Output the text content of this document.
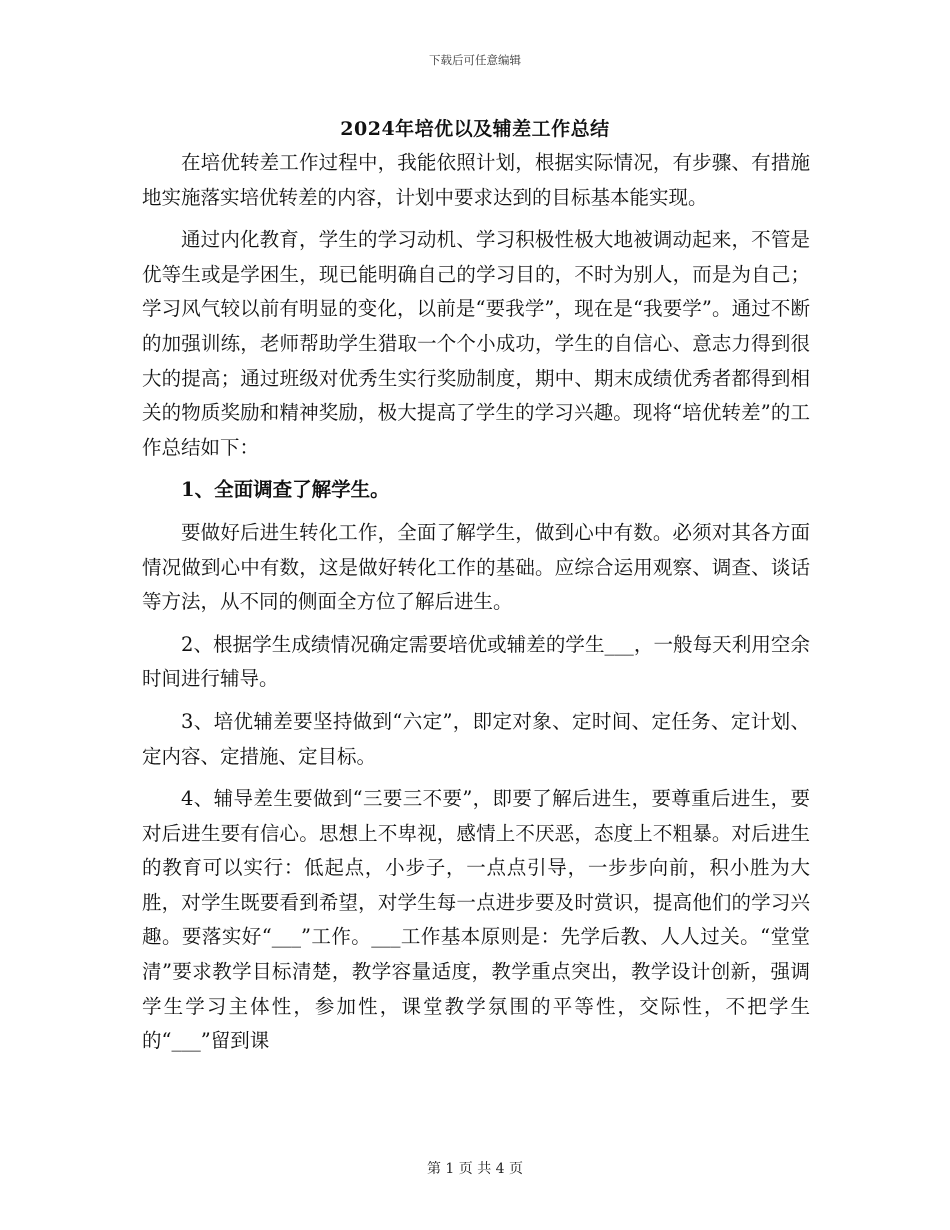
下载后可任意编辑
2024年培优以及辅差工作总结

在培优转差工作过程中，我能依照计划，根据实际情况，有步骤、有措施地实施落实培优转差的内容，计划中要求达到的目标基本能实现。

通过内化教育，学生的学习动机、学习积极性极大地被调动起来，不管是优等生或是学困生，现已能明确自己的学习目的，不时为别人，而是为自己；学习风气较以前有明显的变化，以前是“要我学”，现在是“我要学”。通过不断的加强训练，老师帮助学生猎取一个个小成功，学生的自信心、意志力得到很大的提高；通过班级对优秀生实行奖励制度，期中、期末成绩优秀者都得到相关的物质奖励和精神奖励，极大提高了学生的学习兴趣。现将“培优转差”的工作总结如下：

1、全面调查了解学生。

要做好后进生转化工作，全面了解学生，做到心中有数。必须对其各方面情况做到心中有数，这是做好转化工作的基础。应综合运用观察、调查、谈话等方法，从不同的侧面全方位了解后进生。

2、根据学生成绩情况确定需要培优或辅差的学生___，一般每天利用空余时间进行辅导。

3、培优辅差要坚持做到“六定”，即定对象、定时间、定任务、定计划、定内容、定措施、定目标。

4、辅导差生要做到“三要三不要”，即要了解后进生，要尊重后进生，要对后进生要有信心。思想上不卑视，感情上不厌恶，态度上不粗暴。对后进生的教育可以实行：低起点，小步子，一点点引导，一步步向前，积小胜为大胜，对学生既要看到希望，对学生每一点进步要及时赏识，提高他们的学习兴趣。要落实好“___”工作。___工作基本原则是：先学后教、人人过关。“堂堂清”要求教学目标清楚，教学容量适度，教学重点突出，教学设计创新，强调学生学习主体性，参加性，课堂教学氛围的平等性，交际性，不把学生的“___”留到课

第 1 页 共 4 页
